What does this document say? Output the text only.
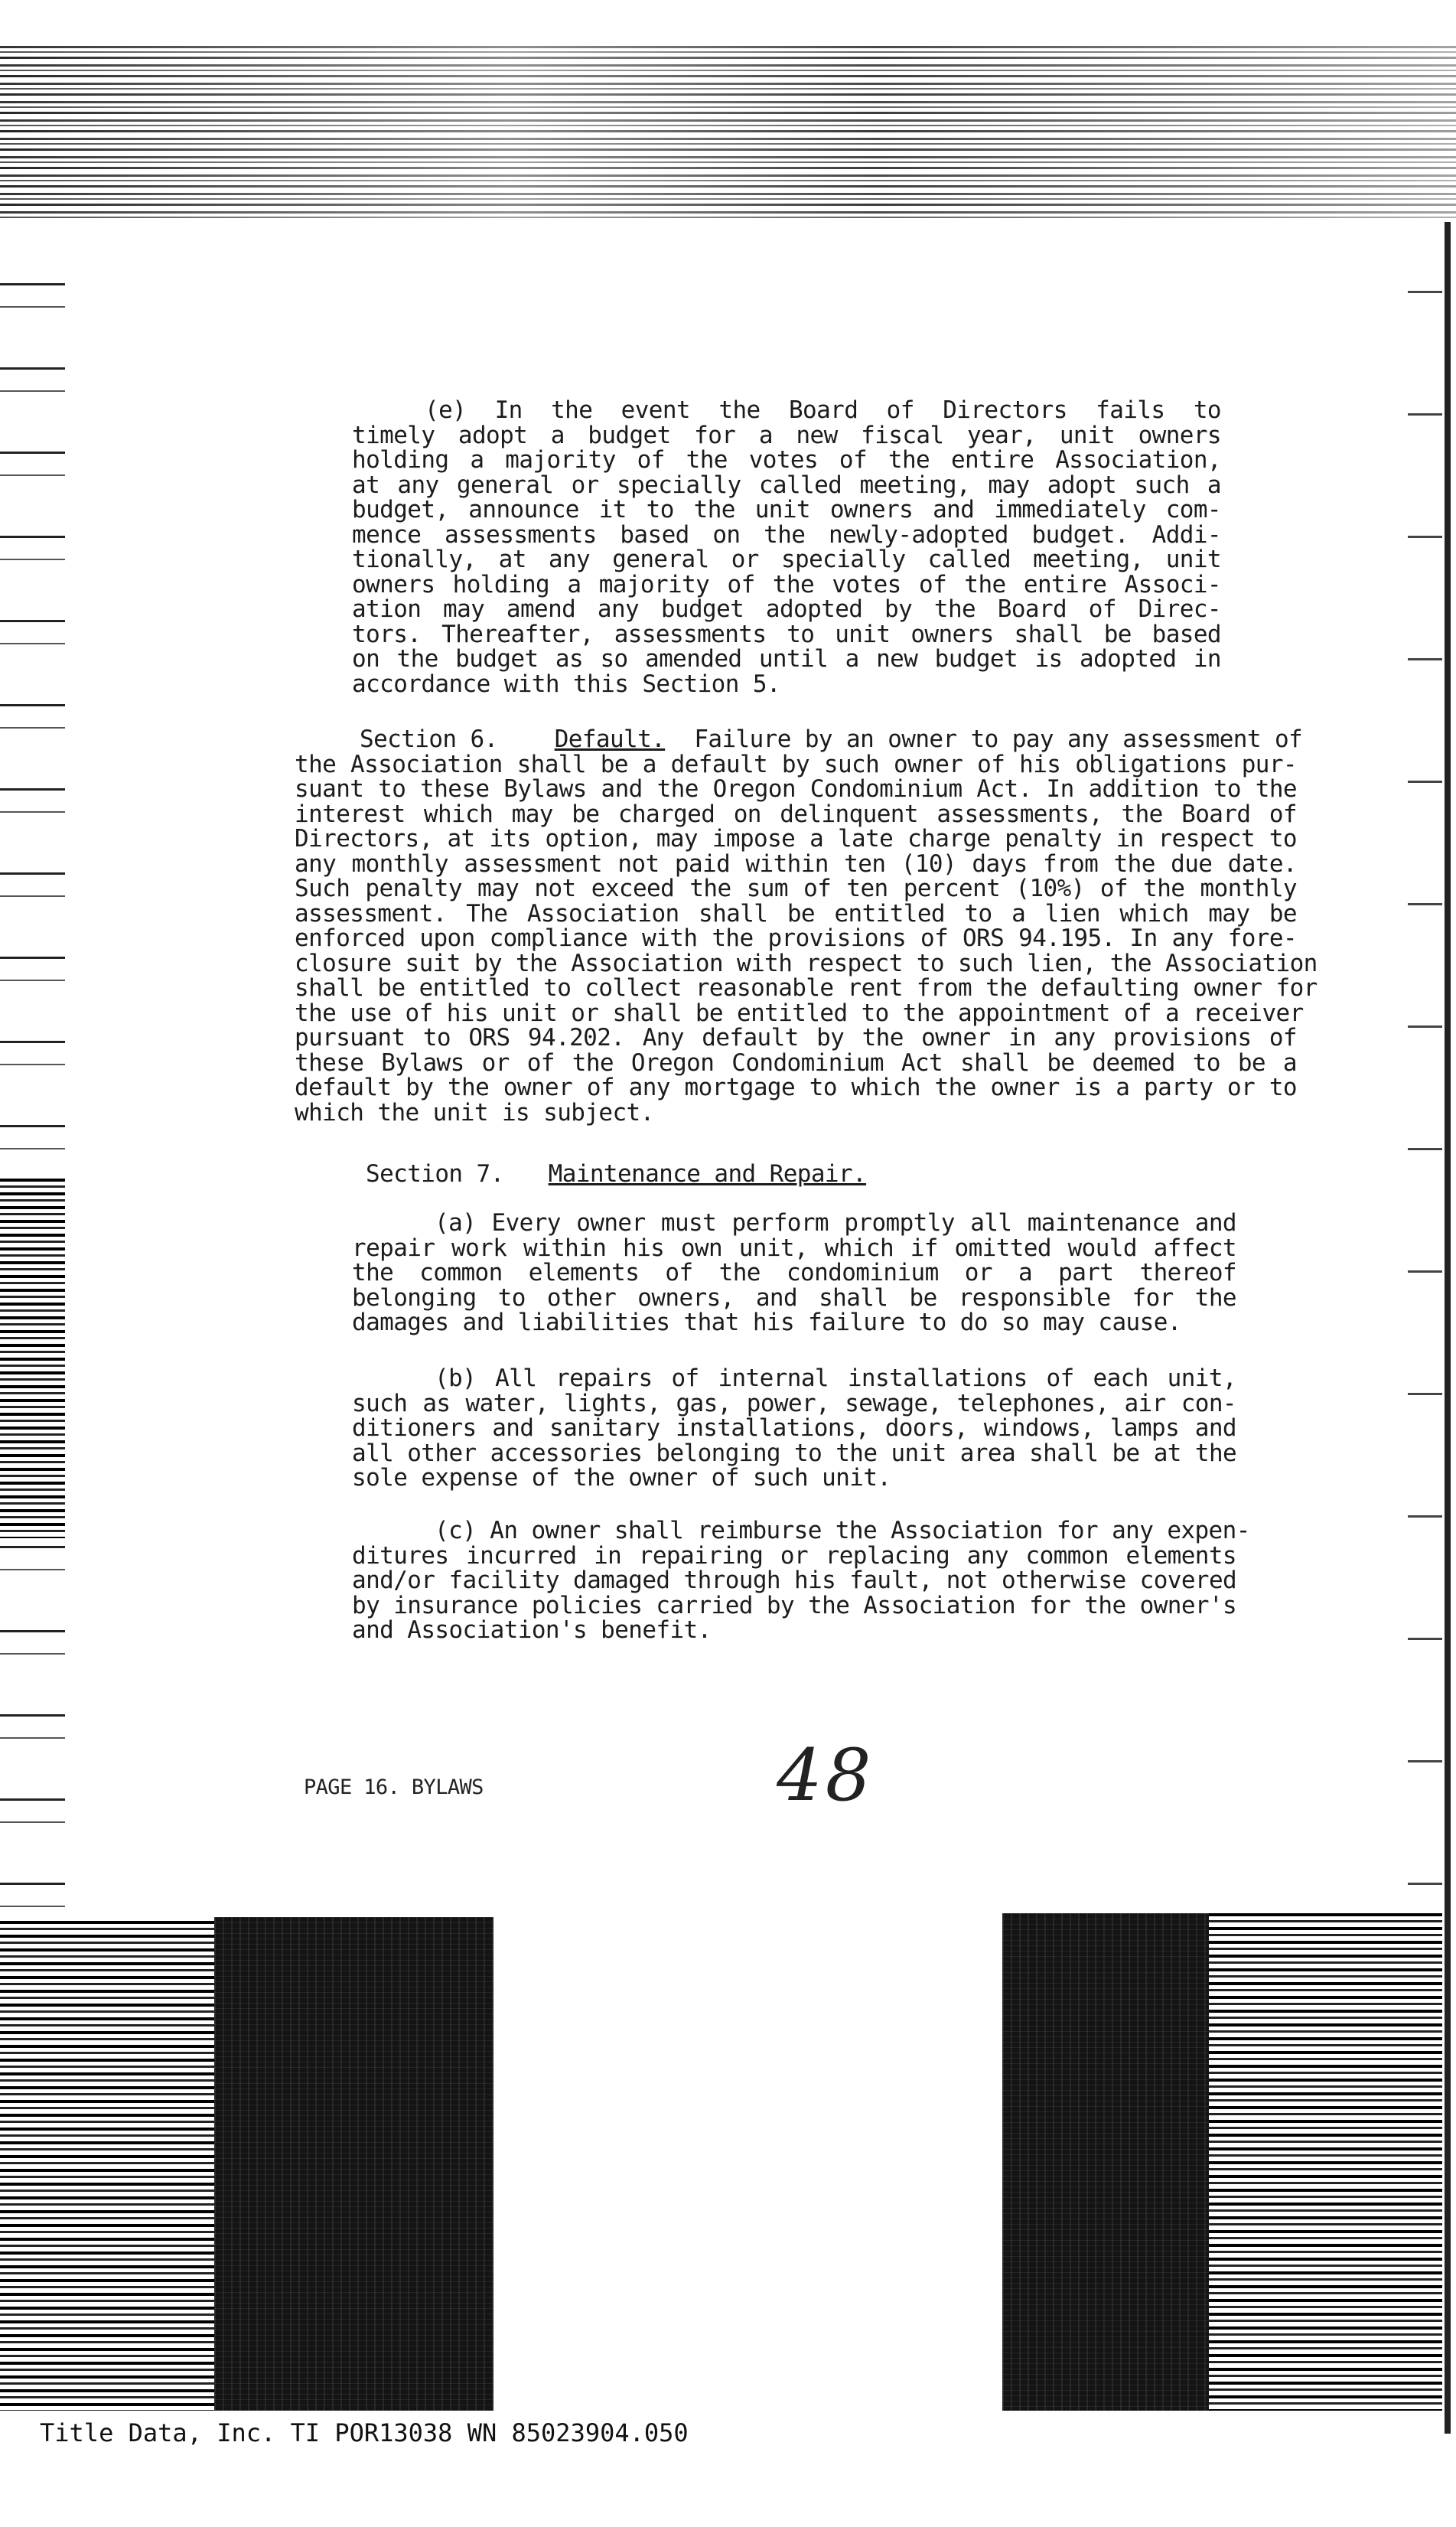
(e) In the event the Board of Directors fails to
timely adopt a budget for a new fiscal year, unit owners
holding a majority of the votes of the entire Association,
at any general or specially called meeting, may adopt such a
budget, announce it to the unit owners and immediately com-
mence assessments based on the newly-adopted budget. Addi-
tionally, at any general or specially called meeting, unit
owners holding a majority of the votes of the entire Associ-
ation may amend any budget adopted by the Board of Direc-
tors. Thereafter, assessments to unit owners shall be based
on the budget as so amended until a new budget is adopted in
accordance with this Section 5.
Section 6. Default. Failure by an owner to pay any assessment of
the Association shall be a default by such owner of his obligations pur-
suant to these Bylaws and the Oregon Condominium Act. In addition to the
interest which may be charged on delinquent assessments, the Board of
Directors, at its option, may impose a late charge penalty in respect to
any monthly assessment not paid within ten (10) days from the due date.
Such penalty may not exceed the sum of ten percent (10%) of the monthly
assessment. The Association shall be entitled to a lien which may be
enforced upon compliance with the provisions of ORS 94.195. In any fore-
closure suit by the Association with respect to such lien, the Association
shall be entitled to collect reasonable rent from the defaulting owner for
the use of his unit or shall be entitled to the appointment of a receiver
pursuant to ORS 94.202. Any default by the owner in any provisions of
these Bylaws or of the Oregon Condominium Act shall be deemed to be a
default by the owner of any mortgage to which the owner is a party or to
which the unit is subject.
Section 7. Maintenance and Repair.
(a) Every owner must perform promptly all maintenance and
repair work within his own unit, which if omitted would affect
the common elements of the condominium or a part thereof
belonging to other owners, and shall be responsible for the
damages and liabilities that his failure to do so may cause.
(b) All repairs of internal installations of each unit,
such as water, lights, gas, power, sewage, telephones, air con-
ditioners and sanitary installations, doors, windows, lamps and
all other accessories belonging to the unit area shall be at the
sole expense of the owner of such unit.
(c) An owner shall reimburse the Association for any expen-
ditures incurred in repairing or replacing any common elements
and/or facility damaged through his fault, not otherwise covered
by insurance policies carried by the Association for the owner's
and Association's benefit.
PAGE 16. BYLAWS	48
Title Data, Inc. TI POR13038 WN 85023904.050
